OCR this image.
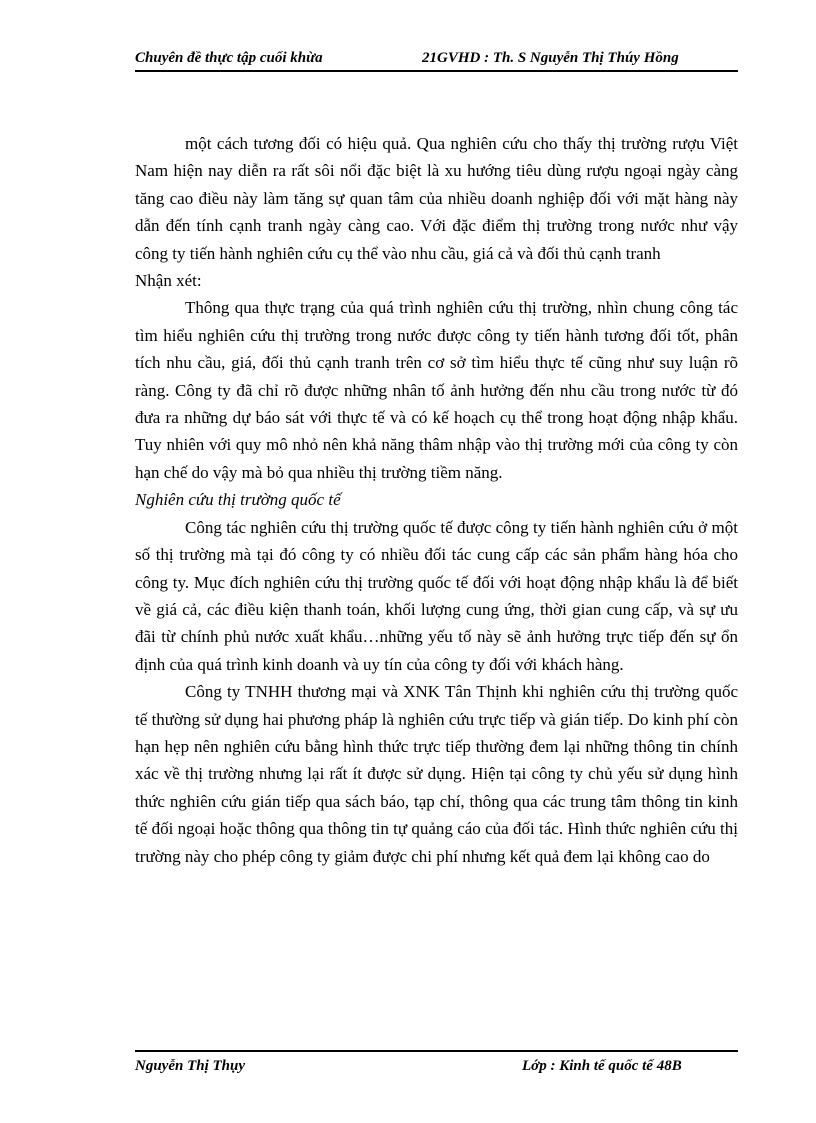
Chuyên đề thực tập cuối khừa	21GVHD : Th. S Nguyễn Thị Thúy Hồng

một cách tương đối có hiệu quả. Qua nghiên cứu cho thấy thị trường rượu Việt Nam hiện nay diễn ra rất sôi nổi đặc biệt là xu hướng tiêu dùng rượu ngoại ngày càng tăng cao điều này làm tăng sự quan tâm của nhiều doanh nghiệp đối với mặt hàng này dẫn đến tính cạnh tranh ngày càng cao. Với đặc điểm thị trường trong nước như vậy công ty tiến hành nghiên cứu cụ thể vào nhu cầu, giá cả và đối thủ cạnh tranh

Nhận xét:

Thông qua thực trạng của quá trình nghiên cứu thị trường, nhìn chung công tác tìm hiểu nghiên cứu thị trường trong nước được công ty tiến hành tương đối tốt, phân tích nhu cầu, giá, đối thủ cạnh tranh trên cơ sở tìm hiểu thực tế cũng như suy luận rõ ràng. Công ty đã chỉ rõ được những nhân tố ảnh hưởng đến nhu cầu trong nước từ đó đưa ra những dự báo sát với thực tế và có kế hoạch cụ thể trong hoạt động nhập khẩu. Tuy nhiên với quy mô nhỏ nên khả năng thâm nhập vào thị trường mới của công ty còn hạn chế do vậy mà bỏ qua nhiều thị trường tiềm năng.

Nghiên cứu thị trường quốc tế

Công tác nghiên cứu thị trường quốc tế được công ty tiến hành nghiên cứu ở một số thị trường mà tại đó công ty có nhiều đối tác cung cấp các sản phẩm hàng hóa cho công ty. Mục đích nghiên cứu thị trường quốc tế đối với hoạt động nhập khẩu là để biết về giá cả, các điều kiện thanh toán, khối lượng cung ứng, thời gian cung cấp, và sự ưu đãi từ chính phủ nước xuất khẩu…những yếu tố này sẽ ảnh hưởng trực tiếp đến sự ổn định của quá trình kinh doanh và uy tín của công ty đối với khách hàng.

Công ty TNHH thương mại và XNK Tân Thịnh khi nghiên cứu thị trường quốc tế thường sử dụng hai phương pháp là nghiên cứu trực tiếp và gián tiếp. Do kinh phí còn hạn hẹp nên nghiên cứu bằng hình thức trực tiếp thường đem lại những thông tin chính xác về thị trường nhưng lại rất ít được sử dụng. Hiện tại công ty chủ yếu sử dụng hình thức nghiên cứu gián tiếp qua sách báo, tạp chí, thông qua các trung tâm thông tin kinh tế đối ngoại hoặc thông qua thông tin tự quảng cáo của đối tác. Hình thức nghiên cứu thị trường này cho phép công ty giảm được chi phí nhưng kết quả đem lại không cao do

Nguyễn Thị Thụy	Lớp : Kinh tế quốc tế 48B
